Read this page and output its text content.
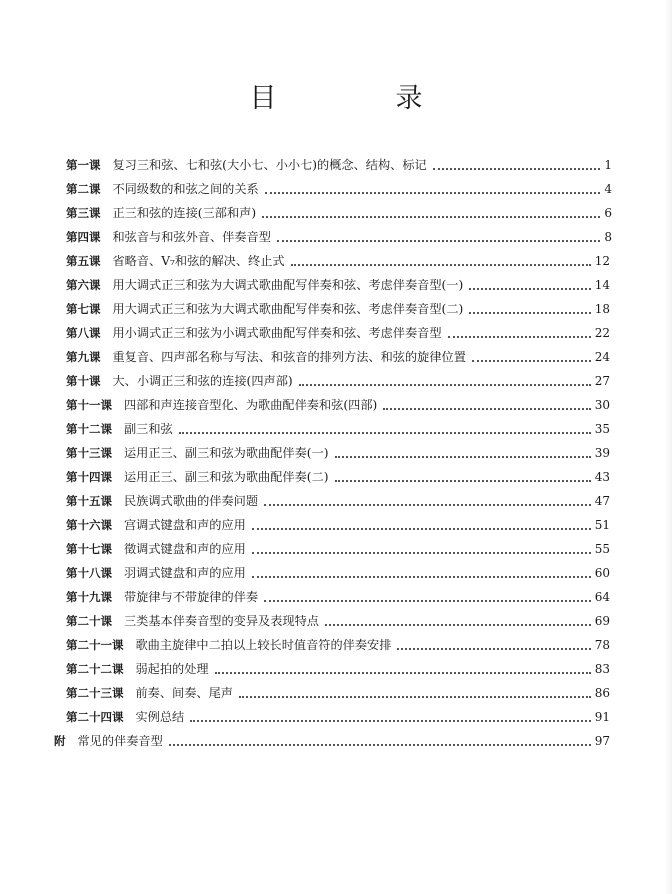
目　录
第一课 复习三和弦、七和弦(大小七、小小七)的概念、结构、标记	1
第二课 不同级数的和弦之间的关系	4
第三课 正三和弦的连接(三部和声)	6
第四课 和弦音与和弦外音、伴奏音型	8
第五课 省略音、V₇和弦的解决、终止式	12
第六课 用大调式正三和弦为大调式歌曲配写伴奏和弦、考虑伴奏音型(一)	14
第七课 用大调式正三和弦为大调式歌曲配写伴奏和弦、考虑伴奏音型(二)	18
第八课 用小调式正三和弦为小调式歌曲配写伴奏和弦、考虑伴奏音型	22
第九课 重复音、四声部名称与写法、和弦音的排列方法、和弦的旋律位置	24
第十课 大、小调正三和弦的连接(四声部)	27
第十一课 四部和声连接音型化、为歌曲配伴奏和弦(四部)	30
第十二课 副三和弦	35
第十三课 运用正三、副三和弦为歌曲配伴奏(一)	39
第十四课 运用正三、副三和弦为歌曲配伴奏(二)	43
第十五课 民族调式歌曲的伴奏问题	47
第十六课 宫调式键盘和声的应用	51
第十七课 徵调式键盘和声的应用	55
第十八课 羽调式键盘和声的应用	60
第十九课 带旋律与不带旋律的伴奏	64
第二十课 三类基本伴奏音型的变异及表现特点	69
第二十一课 歌曲主旋律中二拍以上较长时值音符的伴奏安排	78
第二十二课 弱起拍的处理	83
第二十三课 前奏、间奏、尾声	86
第二十四课 实例总结	91
附 常见的伴奏音型	97
